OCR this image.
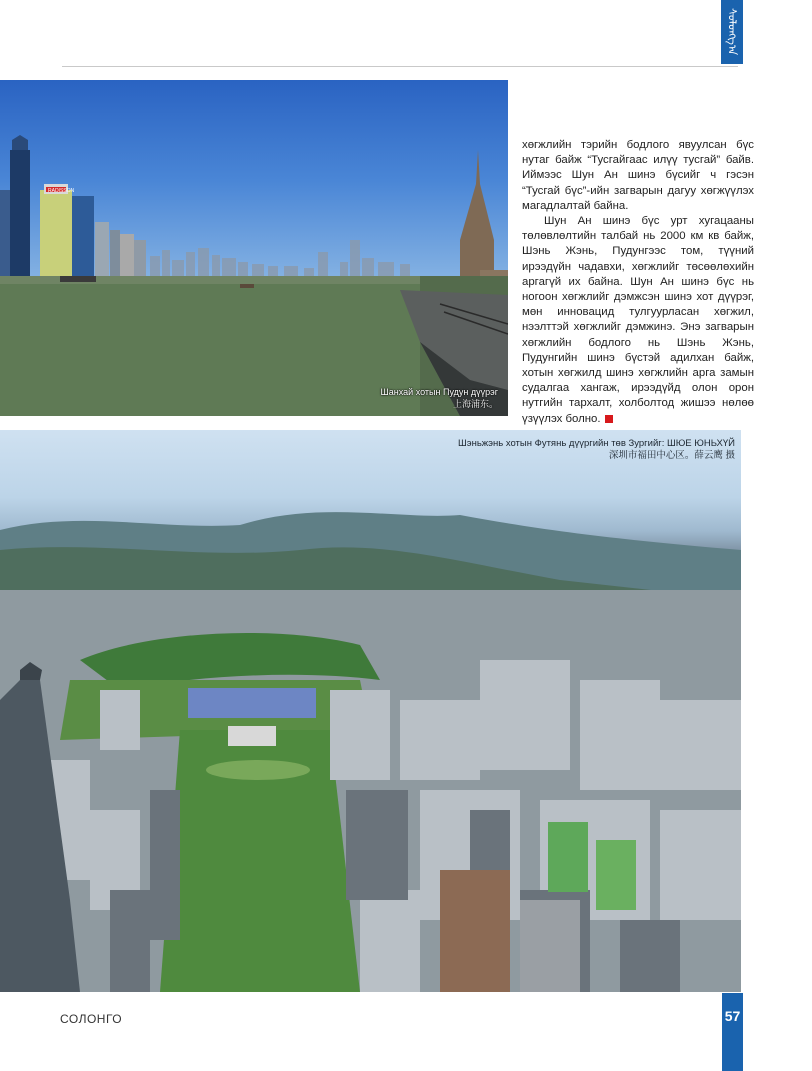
ᠰᠣᠯᠣᠩᠭ᠎ᠠ
RADISSON
Шанхай хотын Пудун дүүрэг
上海浦东。

хөгжлийн тэрийн бодлого явуулсан бүс нутаг байж “Тусгайгаас илүү тусгай” байв. Иймээс Шун Ан шинэ бүсийг ч гэсэн “Тусгай бүс”-ийн загварын дагуу хөгжүүлэх магадлалтай байна.

Шун Ан шинэ бүс урт хугацааны төлөвлөлтийн талбай нь 2000 км кв байж, Шэнь Жэнь, Пудунгээс том, түүний ирээдүйн чадавхи, хөгжлийг төсөөлөхийн аргагүй их байна. Шун Ан шинэ бүс нь ногоон хөгжлийг дэмжсэн шинэ хот дүүрэг, мөн инновацид тулгуурласан хөгжил, нээлттэй хөгжлийг дэмжинэ. Энэ загварын хөгжлийн бодлого нь Шэнь Жэнь, Пудунгийн шинэ бүстэй адилхан байж, хотын хөгжилд шинэ хөгжлийн арга замын судалгаа хангаж, ирээдүйд олон орон нутгийн тархалт, холболтод жишээ нөлөө үзүүлэх болно.

Шэньжэнь хотын Футянь дүүргийн төв Зургийг: ШЮЕ ЮНЬХҮЙ
深圳市福田中心区。薛云鹰 摄
СОЛОНГО	57
